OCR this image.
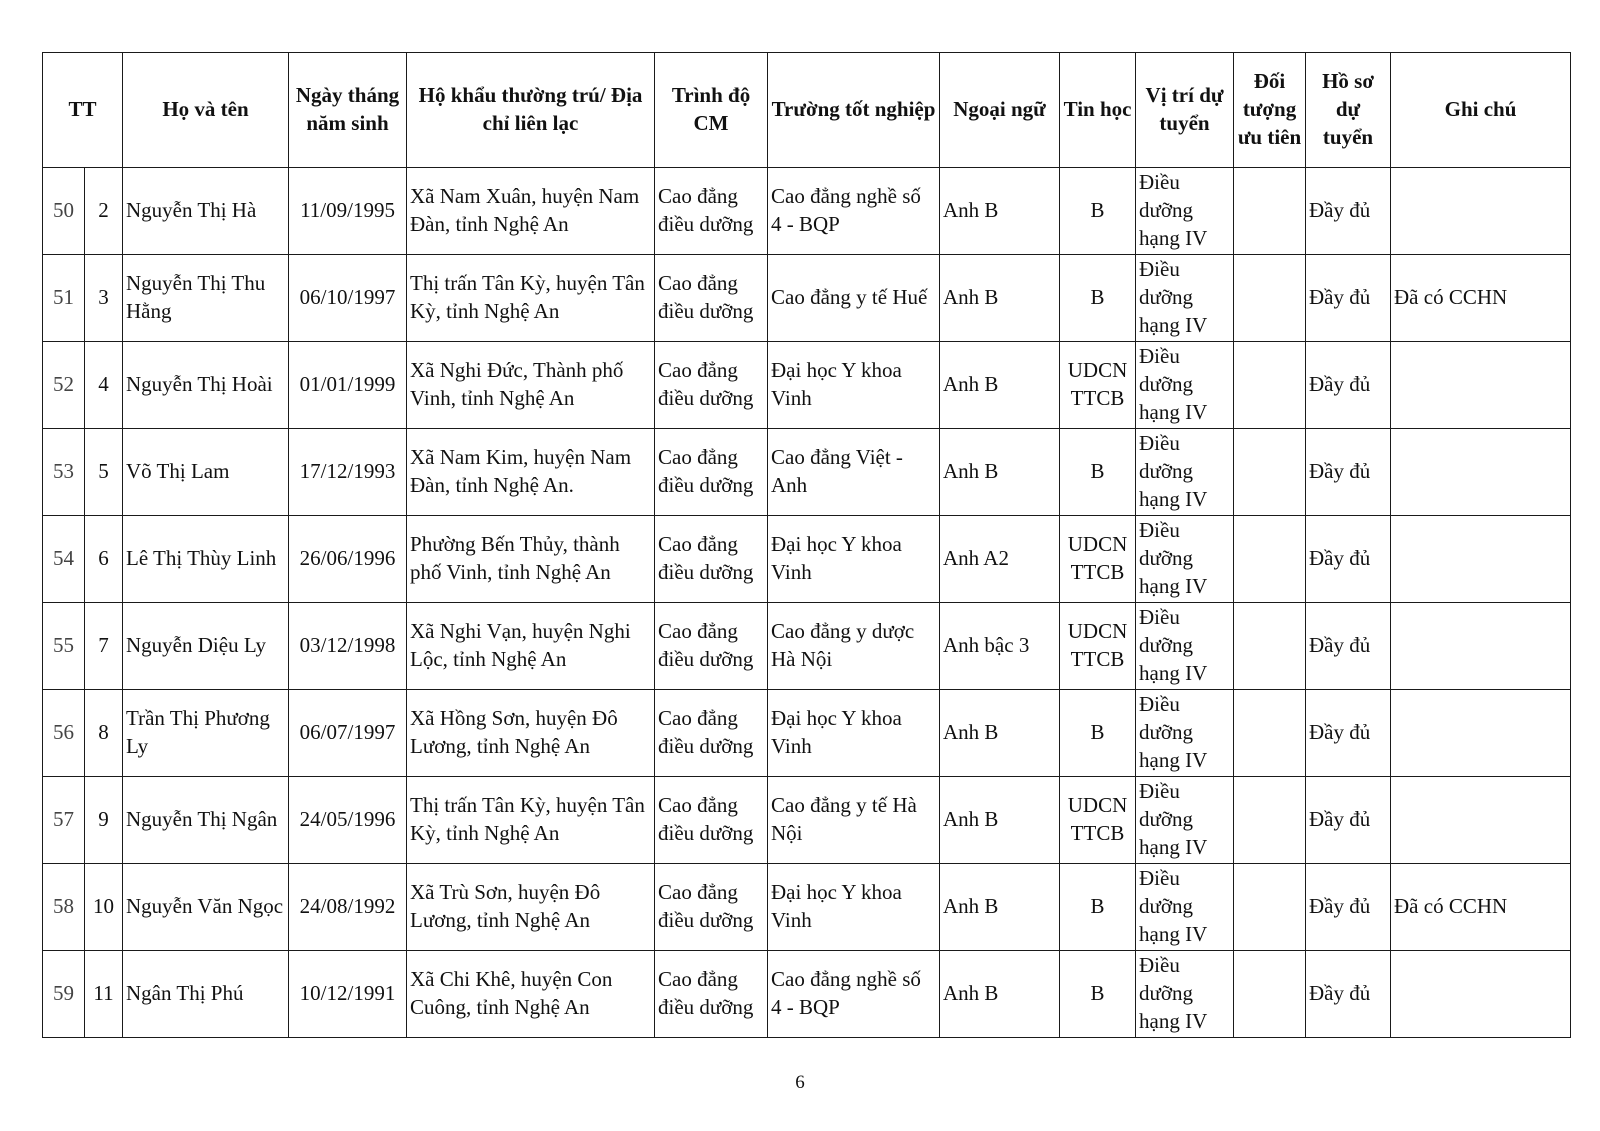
TT		Họ và tên	Ngày tháng năm sinh	Hộ khẩu thường trú/ Địa chỉ liên lạc	Trình độ CM	Trường tốt nghiệp	Ngoại ngữ	Tin học	Vị trí dự tuyển	Đối tượng ưu tiên	Hồ sơ dự tuyển	Ghi chú
50	2	Nguyễn Thị Hà	11/09/1995	Xã Nam Xuân, huyện Nam Đàn, tỉnh Nghệ An	Cao đẳng điều dưỡng	Cao đẳng nghề số 4 - BQP	Anh B	B	Điều dưỡng hạng IV		Đầy đủ	
51	3	Nguyễn Thị Thu Hằng	06/10/1997	Thị trấn Tân Kỳ, huyện Tân Kỳ, tỉnh Nghệ An	Cao đẳng điều dưỡng	Cao đẳng y tế Huế	Anh B	B	Điều dưỡng hạng IV		Đầy đủ	Đã có CCHN
52	4	Nguyễn Thị Hoài	01/01/1999	Xã Nghi Đức, Thành phố Vinh, tỉnh Nghệ An	Cao đẳng điều dưỡng	Đại học Y khoa Vinh	Anh B	UDCN TTCB	Điều dưỡng hạng IV		Đầy đủ	
53	5	Võ Thị Lam	17/12/1993	Xã Nam Kim, huyện Nam Đàn, tỉnh Nghệ An.	Cao đẳng điều dưỡng	Cao đẳng Việt - Anh	Anh B	B	Điều dưỡng hạng IV		Đầy đủ	
54	6	Lê Thị Thùy Linh	26/06/1996	Phường Bến Thủy, thành phố Vinh, tỉnh Nghệ An	Cao đẳng điều dưỡng	Đại học Y khoa Vinh	Anh A2	UDCN TTCB	Điều dưỡng hạng IV		Đầy đủ	
55	7	Nguyễn Diệu Ly	03/12/1998	Xã Nghi Vạn, huyện Nghi Lộc, tỉnh Nghệ An	Cao đẳng điều dưỡng	Cao đẳng y dược Hà Nội	Anh bậc 3	UDCN TTCB	Điều dưỡng hạng IV		Đầy đủ	
56	8	Trần Thị Phương Ly	06/07/1997	Xã Hồng Sơn, huyện Đô Lương, tỉnh Nghệ An	Cao đẳng điều dưỡng	Đại học Y khoa Vinh	Anh B	B	Điều dưỡng hạng IV		Đầy đủ	
57	9	Nguyễn Thị Ngân	24/05/1996	Thị trấn Tân Kỳ, huyện Tân Kỳ, tỉnh Nghệ An	Cao đẳng điều dưỡng	Cao đẳng y tế Hà Nội	Anh B	UDCN TTCB	Điều dưỡng hạng IV		Đầy đủ	
58	10	Nguyễn Văn Ngọc	24/08/1992	Xã Trù Sơn, huyện Đô Lương, tỉnh Nghệ An	Cao đẳng điều dưỡng	Đại học Y khoa Vinh	Anh B	B	Điều dưỡng hạng IV		Đầy đủ	Đã có CCHN
59	11	Ngân Thị Phú	10/12/1991	Xã Chi Khê, huyện Con Cuông, tỉnh Nghệ An	Cao đẳng điều dưỡng	Cao đẳng nghề số 4 - BQP	Anh B	B	Điều dưỡng hạng IV		Đầy đủ	
6
